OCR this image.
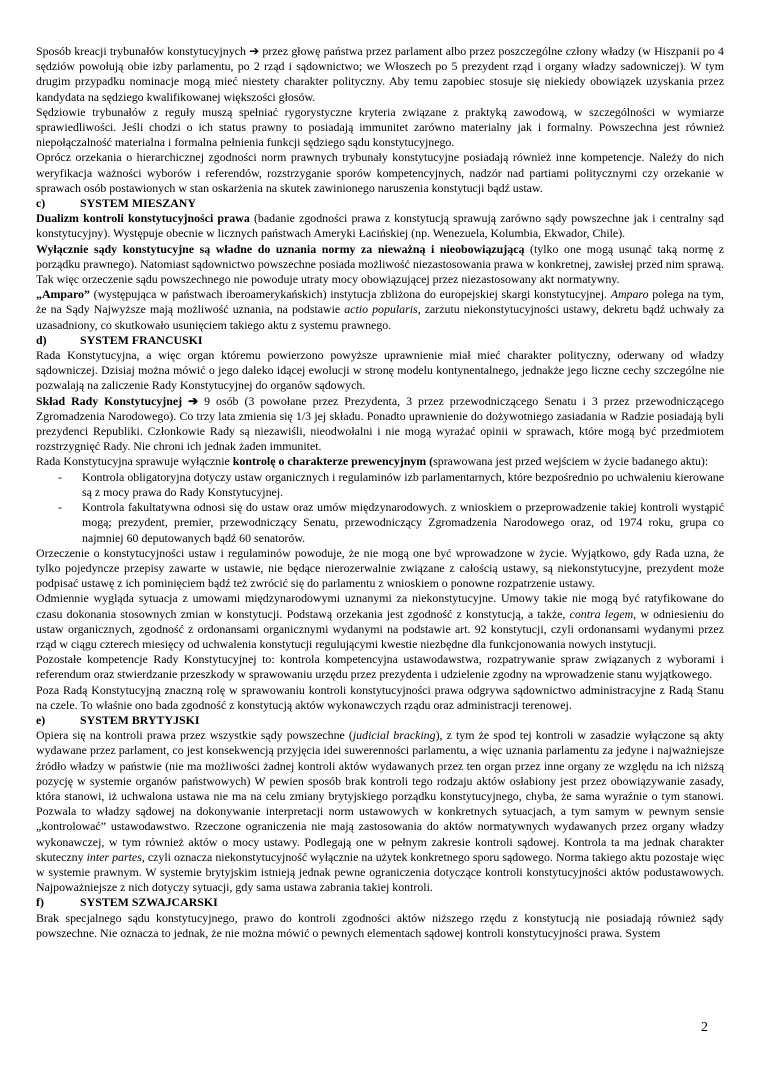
Sposób kreacji trybunałów konstytucyjnych ➔ przez głowę państwa przez parlament albo przez poszczególne człony władzy (w Hiszpanii po 4 sędziów powołują obie izby parlamentu, po 2 rząd i sądownictwo; we Włoszech po 5 prezydent rząd i organy władzy sadowniczej). W tym drugim przypadku nominacje mogą mieć niestety charakter polityczny. Aby temu zapobiec stosuje się niekiedy obowiązek uzyskania przez kandydata na sędziego kwalifikowanej większości głosów.

Sędziowie trybunałów z reguły muszą spełniać rygorystyczne kryteria związane z praktyką zawodową, w szczególności w wymiarze sprawiedliwości. Jeśli chodzi o ich status prawny to posiadają immunitet zarówno materialny jak i formalny. Powszechna jest również niepołączalność materialna i formalna pełnienia funkcji sędziego sądu konstytucyjnego.

Oprócz orzekania o hierarchicznej zgodności norm prawnych trybunały konstytucyjne posiadają również inne kompetencje. Należy do nich weryfikacja ważności wyborów i referendów, rozstrzyganie sporów kompetencyjnych, nadzór nad partiami politycznymi czy orzekanie w sprawach osób postawionych w stan oskarżenia na skutek zawinionego naruszenia konstytucji bądź ustaw.

c)	SYSTEM MIESZANY

Dualizm kontroli konstytucyjności prawa (badanie zgodności prawa z konstytucją sprawują zarówno sądy powszechne jak i centralny sąd konstytucyjny). Występuje obecnie w licznych państwach Ameryki Łacińskiej (np. Wenezuela, Kolumbia, Ekwador, Chile).

Wyłącznie sądy konstytucyjne są władne do uznania normy za nieważną i nieobowiązującą (tylko one mogą usunąć taką normę z porządku prawnego). Natomiast sądownictwo powszechne posiada możliwość niezastosowania prawa w konkretnej, zawisłej przed nim sprawą. Tak więc orzeczenie sądu powszechnego nie powoduje utraty mocy obowiązującej przez niezastosowany akt normatywny.

„Amparo” (występująca w państwach iberoamerykańskich) instytucja zbliżona do europejskiej skargi konstytucyjnej. Amparo polega na tym, że na Sądy Najwyższe mają możliwość uznania, na podstawie actio popularis, zarzutu niekonstytucyjności ustawy, dekretu bądź uchwały za uzasadniony, co skutkowało usunięciem takiego aktu z systemu prawnego.

d)	SYSTEM FRANCUSKI

Rada Konstytucyjna, a więc organ któremu powierzono powyższe uprawnienie miał mieć charakter polityczny, oderwany od władzy sądowniczej. Dzisiaj można mówić o jego daleko idącej ewolucji w stronę modelu kontynentalnego, jednakże jego liczne cechy szczególne nie pozwalają na zaliczenie Rady Konstytucyjnej do organów sądowych.

Skład Rady Konstytucyjnej ➔ 9 osób (3 powołane przez Prezydenta, 3 przez przewodniczącego Senatu i 3 przez przewodniczącego Zgromadzenia Narodowego). Co trzy lata zmienia się 1/3 jej składu. Ponadto uprawnienie do dożywotniego zasiadania w Radzie posiadają byli prezydenci Republiki. Członkowie Rady są niezawiśli, nieodwołalni i nie mogą wyrażać opinii w sprawach, które mogą być przedmiotem rozstrzygnięć Rady. Nie chroni ich jednak żaden immunitet.

Rada Konstytucyjna sprawuje wyłącznie kontrolę o charakterze prewencyjnym (sprawowana jest przed wejściem w życie badanego aktu):

- Kontrola obligatoryjna dotyczy ustaw organicznych i regulaminów izb parlamentarnych, które bezpośrednio po uchwaleniu kierowane są z mocy prawa do Rady Konstytucyjnej.
- Kontrola fakultatywna odnosi się do ustaw oraz umów międzynarodowych. z wnioskiem o przeprowadzenie takiej kontroli wystąpić mogą; prezydent, premier, przewodniczący Senatu, przewodniczący Zgromadzenia Narodowego oraz, od 1974 roku, grupa co najmniej 60 deputowanych bądź 60 senatorów.

Orzeczenie o konstytucyjności ustaw i regulaminów powoduje, że nie mogą one być wprowadzone w życie. Wyjątkowo, gdy Rada uzna, że tylko pojedyncze przepisy zawarte w ustawie, nie będące nierozerwalnie związane z całością ustawy, są niekonstytucyjne, prezydent może podpisać ustawę z ich pominięciem bądź też zwrócić się do parlamentu z wnioskiem o ponowne rozpatrzenie ustawy.

Odmiennie wygląda sytuacja z umowami międzynarodowymi uznanymi za niekonstytucyjne. Umowy takie nie mogą być ratyfikowane do czasu dokonania stosownych zmian w konstytucji. Podstawą orzekania jest zgodność z konstytucją, a także, contra legem, w odniesieniu do ustaw organicznych, zgodność z ordonansami organicznymi wydanymi na podstawie art. 92 konstytucji, czyli ordonansami wydanymi przez rząd w ciągu czterech miesięcy od uchwalenia konstytucji regulującymi kwestie niezbędne dla funkcjonowania nowych instytucji.

Pozostałe kompetencje Rady Konstytucyjnej to: kontrola kompetencyjna ustawodawstwa, rozpatrywanie spraw związanych z wyborami i referendum oraz stwierdzanie przeszkody w sprawowaniu urzędu przez prezydenta i udzielenie zgodny na wprowadzenie stanu wyjątkowego.

Poza Radą Konstytucyjną znaczną rolę w sprawowaniu kontroli konstytucyjności prawa odgrywa sądownictwo administracyjne z Radą Stanu na czele. To właśnie ono bada zgodność z konstytucją aktów wykonawczych rządu oraz administracji terenowej.

e)	SYSTEM BRYTYJSKI

Opiera się na kontroli prawa przez wszystkie sądy powszechne (judicial bracking), z tym że spod tej kontroli w zasadzie wyłączone są akty wydawane przez parlament, co jest konsekwencją przyjęcia idei suwerenności parlamentu, a więc uznania parlamentu za jedyne i najważniejsze źródło władzy w państwie (nie ma możliwości żadnej kontroli aktów wydawanych przez ten organ przez inne organy ze względu na ich niższą pozycję w systemie organów państwowych) W pewien sposób brak kontroli tego rodzaju aktów osłabiony jest przez obowiązywanie zasady, która stanowi, iż uchwalona ustawa nie ma na celu zmiany brytyjskiego porządku konstytucyjnego, chyba, że sama wyraźnie o tym stanowi. Pozwala to władzy sądowej na dokonywanie interpretacji norm ustawowych w konkretnych sytuacjach, a tym samym w pewnym sensie „kontrolować” ustawodawstwo. Rzeczone ograniczenia nie mają zastosowania do aktów normatywnych wydawanych przez organy władzy wykonawczej, w tym również aktów o mocy ustawy. Podlegają one w pełnym zakresie kontroli sądowej. Kontrola ta ma jednak charakter skuteczny inter partes, czyli oznacza niekonstytucyjność wyłącznie na użytek konkretnego sporu sądowego. Norma takiego aktu pozostaje więc w systemie prawnym. W systemie brytyjskim istnieją jednak pewne ograniczenia dotyczące kontroli konstytucyjności aktów podustawowych. Najpoważniejsze z nich dotyczy sytuacji, gdy sama ustawa zabrania takiej kontroli.

f)	SYSTEM SZWAJCARSKI

Brak specjalnego sądu konstytucyjnego, prawo do kontroli zgodności aktów niższego rzędu z konstytucją nie posiadają również sądy powszechne. Nie oznacza to jednak, że nie można mówić o pewnych elementach sądowej kontroli konstytucyjności prawa. System

2
